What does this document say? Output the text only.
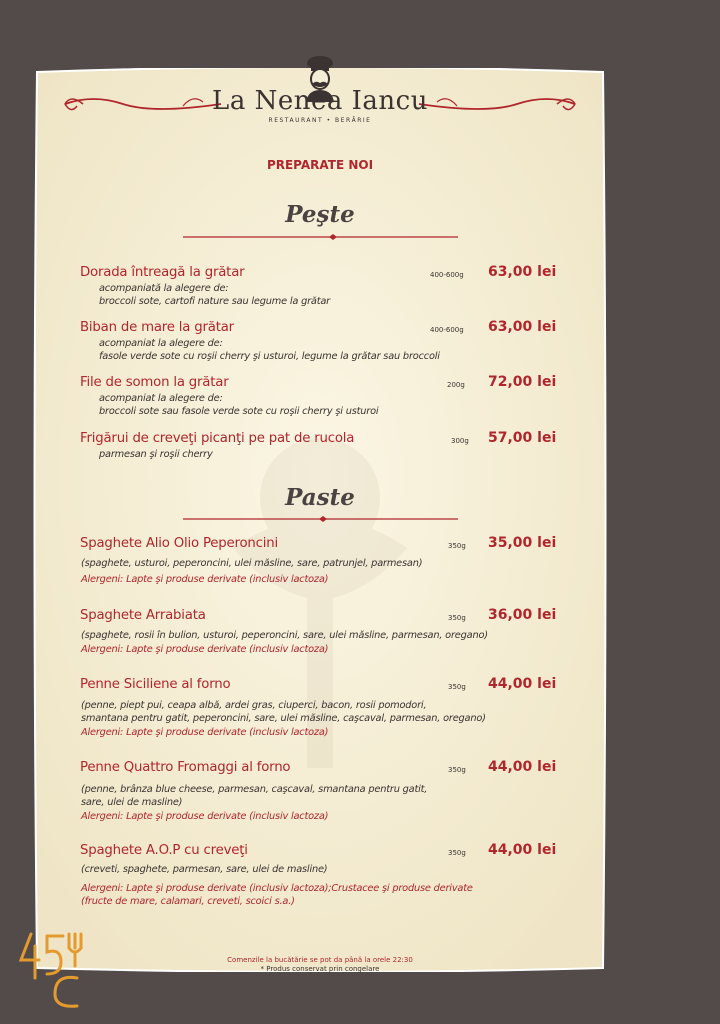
La Nenea Iancu
RESTAURANT • BERĂRIE
PREPARATE NOI
Peşte
Dorada întreagă la grătar	400-600g 63,00 lei
acompaniată la alegere de:
broccoli sote, cartofi nature sau legume la grătar
Biban de mare la grătar	400-600g 63,00 lei
acompaniat la alegere de:
fasole verde sote cu roşii cherry şi usturoi, legume la grătar sau broccoli
File de somon la grătar	200g 72,00 lei
acompaniat la alegere de:
broccoli sote sau fasole verde sote cu roşii cherry şi usturoi
Frigărui de creveţi picanţi pe pat de rucola	300g 57,00 lei
parmesan şi roşii cherry
Paste
Spaghete Alio Olio Peperoncini	350g 35,00 lei
(spaghete, usturoi, peperoncini, ulei măsline, sare, patrunjel, parmesan)
Alergeni: Lapte şi produse derivate (inclusiv lactoza)
Spaghete Arrabiata	350g 36,00 lei
(spaghete, rosii în bulion, usturoi, peperoncini, sare, ulei măsline, parmesan, oregano)
Alergeni: Lapte şi produse derivate (inclusiv lactoza)
Penne Siciliene al forno	350g 44,00 lei
(penne, piept pui, ceapa albă, ardei gras, ciuperci, bacon, rosii pomodori,
smantana pentru gatit, peperoncini, sare, ulei măsline, caşcaval, parmesan, oregano)
Alergeni: Lapte şi produse derivate (inclusiv lactoza)
Penne Quattro Fromaggi al forno	350g 44,00 lei
(penne, brânza blue cheese, parmesan, caşcaval, smantana pentru gatit,
sare, ulei de masline)
Alergeni: Lapte şi produse derivate (inclusiv lactoza)
Spaghete A.O.P cu creveţi	350g 44,00 lei
(creveti, spaghete, parmesan, sare, ulei de masline)
Alergeni: Lapte şi produse derivate (inclusiv lactoza);Crustacee şi produse derivate
(fructe de mare, calamari, creveti, scoici s.a.)
Comenzile la bucătărie se pot da până la orele 22:30
* Produs conservat prin congelare
